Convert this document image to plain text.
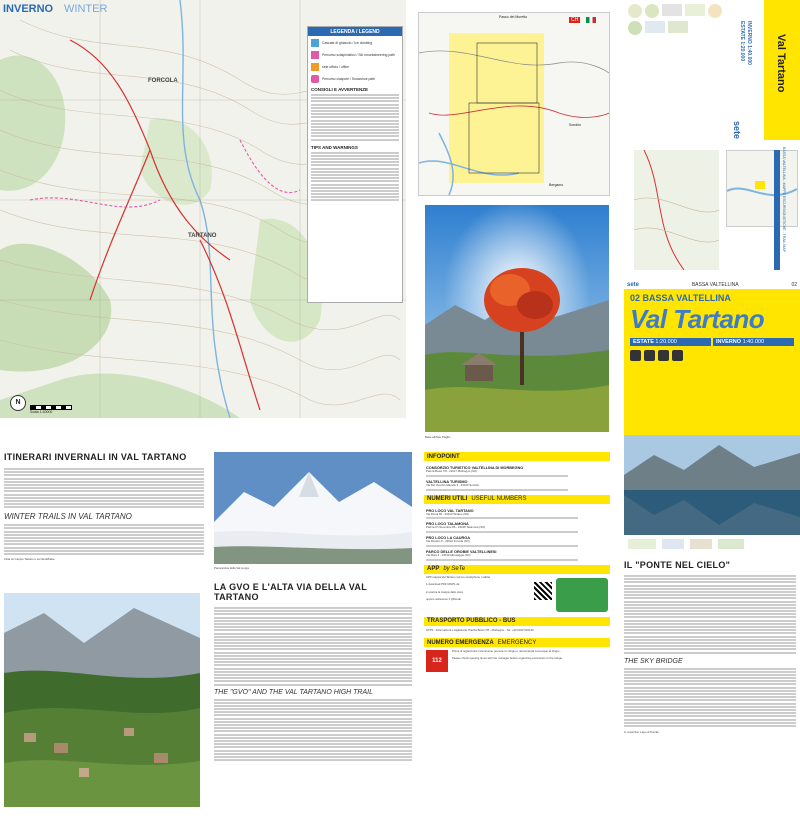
INVERNO WINTER
FORCOLA
TARTANO
N
Scala 1:40000
LEGENDA / LEGEND
Cascate di ghiaccio / Ice climbing
Percorso scialpinistico / Ski mountaineering path
sete ufficio / office
Percorso ciaspole / Snowshoe path
CONSIGLI E AVVERTENZE
TIPS AND WARNINGS
CH
Passo del Muretto
Sondrio
Bergamo
Baite all'Alpe Piaglio
Val Tartano
INVERNO 1:40.000
ESTATE 1:20.000
BASSA VALTELLINA - MAPPE ESCURSIONISTICHE - TRAIL MAP
sete
sete	BASSA VALTELLINA	02
02 BASSA VALTELLINA
Val Tartano
ESTATE 1:20.000	INVERNO 1:40.000
ITINERARI INVERNALI IN VAL TARTANO
WINTER TRAILS IN VAL TARTANO
Vista su Campo Tartano e sui fienili/baite
Panoramica della Val Lunga
LA GVO E L'ALTA VIA DELLA VAL TARTANO
THE "GVO" AND THE VAL TARTANO HIGH TRAIL
INFOPOINT
CONSORZIO TURISTICO VALTELLINA DI MORBEGNO
Piazza Bossi 7/8 - 23017 Morbegno (SO)
VALTELLINA TURISMO
Via Del Vecchio Macello 4 - 23100 Sondrio
NUMERI UTILI USEFUL NUMBERS
PRO LOCO VAL TARTANO
Via Roma 66 - 23010 Tartano (SO)
PRO LOCO TALAMONA
Piazza IV Novembre 86 - 23018 Talamona (SO)
PRO LOCO LA CAURGA
Via Rosario 5 - 23010 Forcola (SO)
PARCO DELLE OROBIE VALTELLINESI
Via Moia 4 - 23010 Albosaggia (SO)
APP by SeTe
APP mappa Val Tartano sul tuo smartphone o tablet
1.download PDF MAPS da
2.scarica la mappa dallo store
oppure attraverso il QRcode
TRASPORTO PUBBLICO - BUS
STPS - Informazioni e biglietteria: Piazza Bossi 7/8 - Morbegno - Tel. +39 0342 610140
NUMERO EMERGENZA EMERGENCY
112
Prima di organizzare l'escursione prenota un rifugio e raccomanda comunque al rifugio...
Please check opening times with the manager before organizing excursions to the refuge.
IL "PONTE NEL CIELO"
THE SKY BRIDGE
In copertina: Lago di Porcile.
